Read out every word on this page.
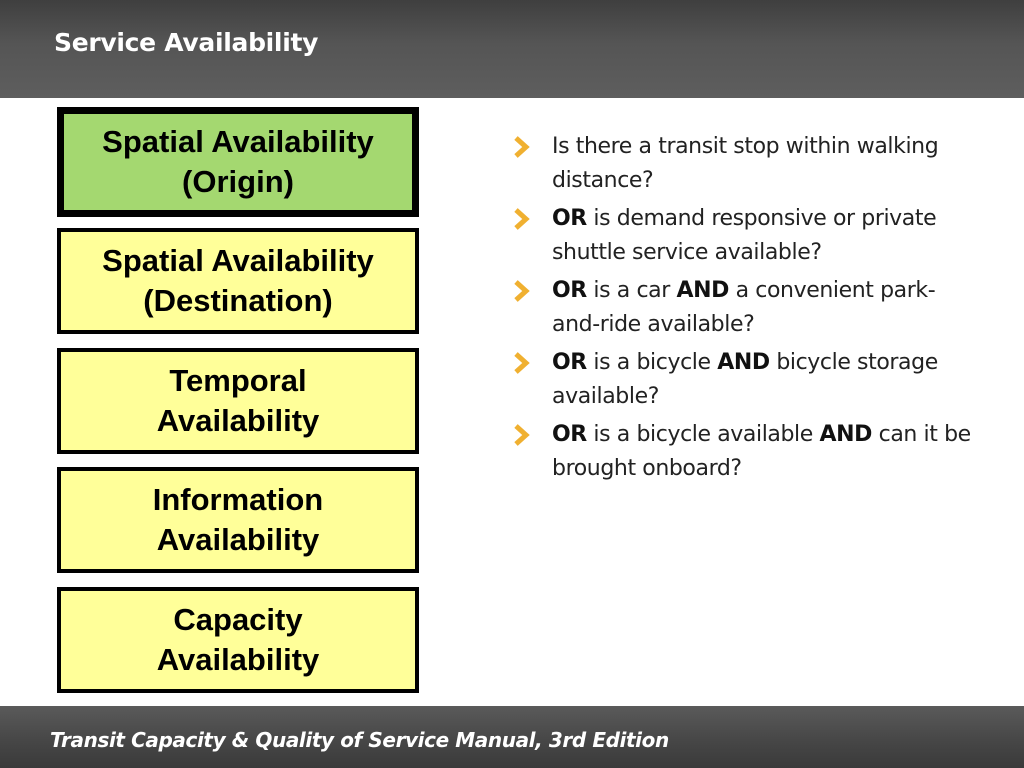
Service Availability
Spatial Availability
(Origin)
Spatial Availability
(Destination)
Temporal
Availability
Information
Availability
Capacity
Availability
Is there a transit stop within walking distance?
OR is demand responsive or private shuttle service available?
OR is a car AND a convenient park-and-ride available?
OR is a bicycle AND bicycle storage available?
OR is a bicycle available AND can it be brought onboard?
Transit Capacity & Quality of Service Manual, 3rd Edition
